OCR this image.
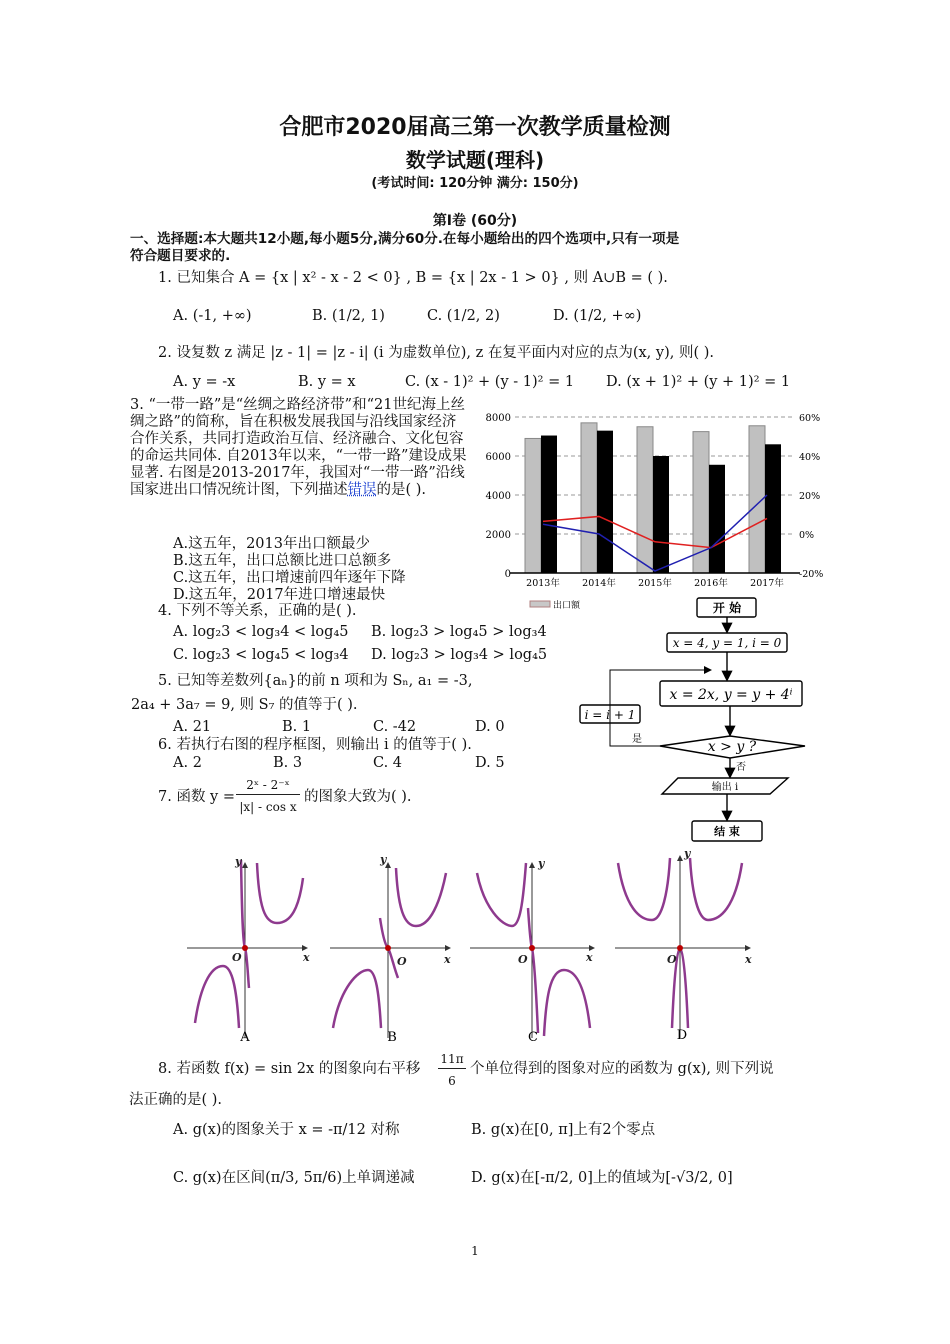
合肥市2020届高三第一次教学质量检测
数学试题(理科)
(考试时间: 120分钟 满分: 150分)
第Ⅰ卷 (60分)
一、选择题:本大题共12小题,每小题5分,满分60分.在每小题给出的四个选项中,只有一项是
符合题目要求的.
1. 已知集合 A = {x | x² - x - 2 < 0} , B = {x | 2x - 1 > 0} , 则 A∪B = ( ).
A. (-1, +∞)	B. (1/2, 1)	C. (1/2, 2)	D. (1/2, +∞)
2. 设复数 z 满足 |z - 1| = |z - i| (i 为虚数单位), z 在复平面内对应的点为(x, y), 则( ).
A. y = -x	B. y = x	C. (x - 1)² + (y - 1)² = 1 D. (x + 1)² + (y + 1)² = 1
3. “一带一路”是“丝绸之路经济带”和“21世纪海上丝绸之路”的简称，旨在积极发展我国与沿线国家经济合作关系，共同打造政治互信、经济融合、文化包容的命运共同体. 自2013年以来，“一带一路”建设成果显著. 右图是2013-2017年，我国对“一带一路”沿线国家进出口情况统计图，下列描述错误的是( ).
A.这五年，2013年出口额最少
B.这五年，出口总额比进口总额多
C.这五年，出口增速前四年逐年下降
D.这五年，2017年进口增速最快
0	-20%
2000	0%
4000	20%
6000	40%
8000	60%
2013年 2014年 2015年 2016年 2017年
出口額
4. 下列不等关系，正确的是( ).
A. log₂3 < log₃4 < log₄5 B. log₂3 > log₄5 > log₃4
C. log₂3 < log₄5 < log₃4 D. log₂3 > log₃4 > log₄5
5. 已知等差数列{aₙ}的前 n 项和为 Sₙ, a₁ = -3,
2a₄ + 3a₇ = 9, 则 S₇ 的值等于( ).
A. 21	B. 1	C. -42	D. 0
6. 若执行右图的程序框图，则输出 i 的值等于( ).
A. 2	B. 3	C. 4	D. 5
7. 函数 y =
2ˣ - 2⁻ˣ
|x| - cos x
的图象大致为( ).
开 始
x = 4, y = 1, i = 0
x = 2x, y = y + 4ⁱ
i = i + 1
x > y ?
是
否
输出 i
结 束
y
x
O
y
x
O
y
x
O
y
x
O
A	B	C	D
8. 若函数 f(x) = sin 2x 的图象向右平移
11π
6
个单位得到的图象对应的函数为 g(x), 则下列说
法正确的是( ).
A. g(x)的图象关于 x = -π/12 对称	B. g(x)在[0, π]上有2个零点
C. g(x)在区间(π/3, 5π/6)上单调递减	D. g(x)在[-π/2, 0]上的值域为[-√3/2, 0]
1
